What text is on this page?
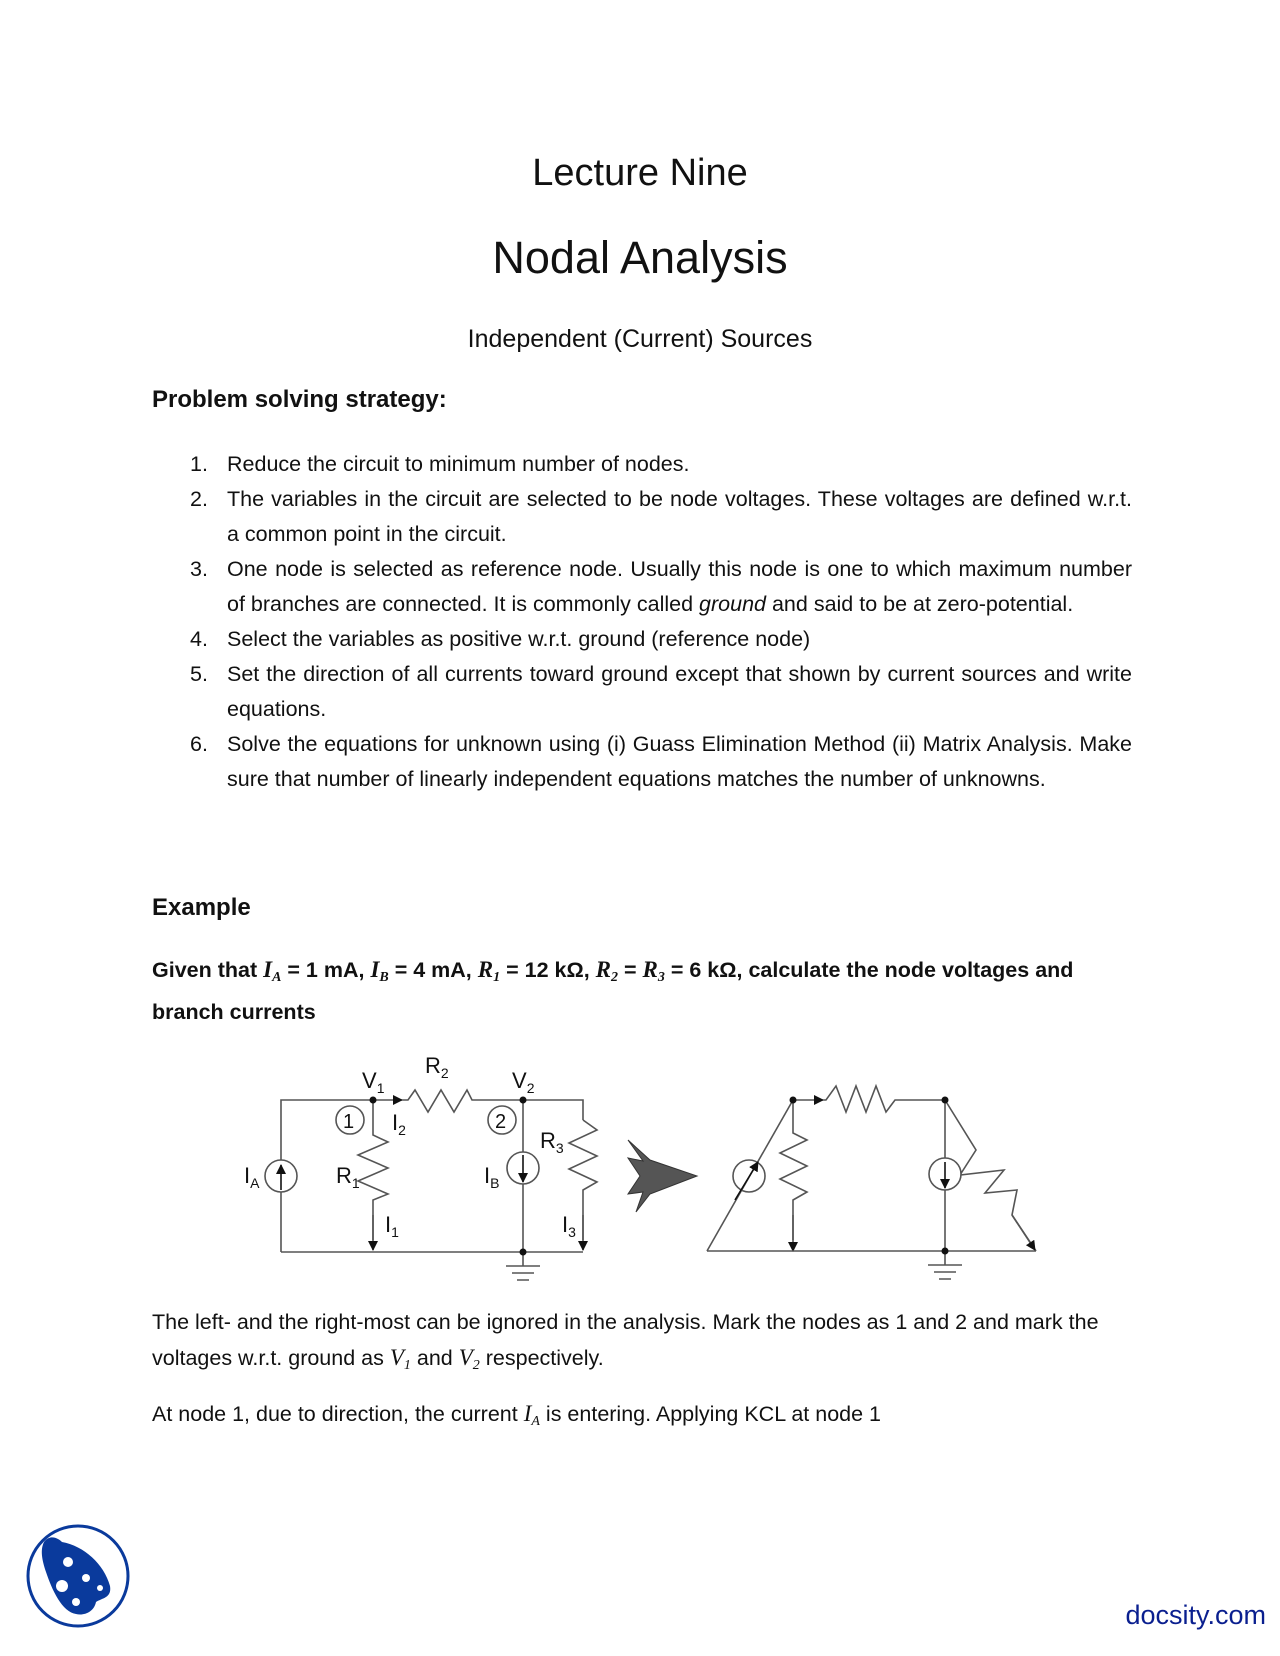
Lecture Nine
Nodal Analysis
Independent (Current) Sources
Problem solving strategy:
1. Reduce the circuit to minimum number of nodes.
2. The variables in the circuit are selected to be node voltages. These voltages are defined w.r.t. a common point in the circuit.
3. One node is selected as reference node. Usually this node is one to which maximum number of branches are connected. It is commonly called ground and said to be at zero-potential.
4. Select the variables as positive w.r.t. ground (reference node)
5. Set the direction of all currents toward ground except that shown by current sources and write equations.
6. Solve the equations for unknown using (i) Guass Elimination Method (ii) Matrix Analysis. Make sure that number of linearly independent equations matches the number of unknowns.
Example
Given that $I_A = 1$ mA, $I_B = 4$ mA, $R_1 = 12$ kΩ, $R_2 = R_3 = 6$ kΩ, calculate the node voltages and branch currents
$V_1$
$R_2$	$V_2$
1	2
$I_2$
$R_1$
$I_A$	$I_B$
$R_3$
$I_1$	$I_3$
The left- and the right-most can be ignored in the analysis. Mark the nodes as 1 and 2 and mark the voltages w.r.t. ground as $V_1$ and $V_2$ respectively.
At node 1, due to direction, the current $I_A$ is entering. Applying KCL at node 1
docsity.com
